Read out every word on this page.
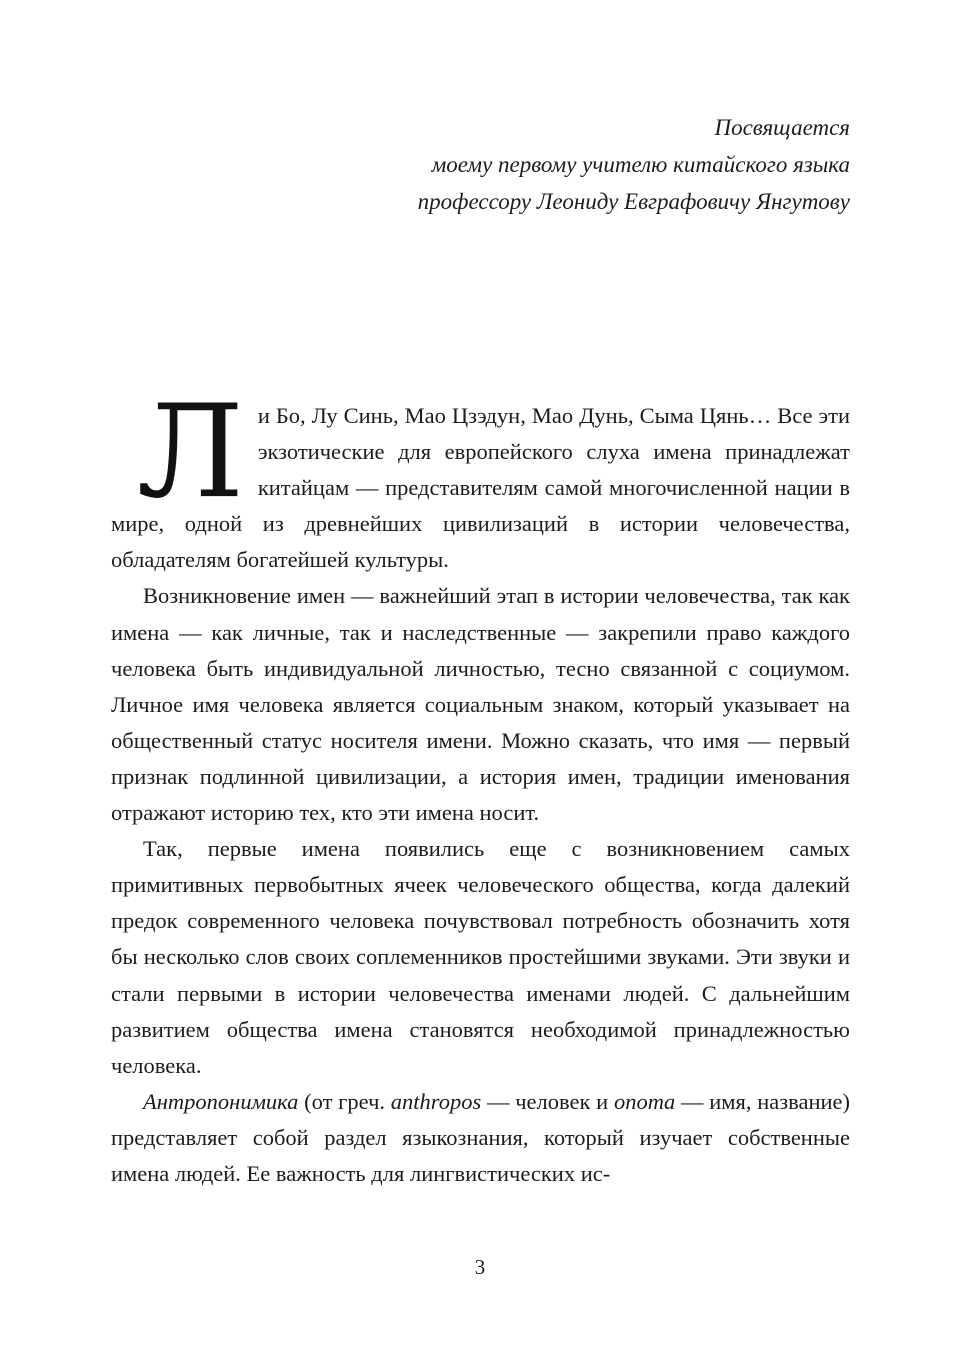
Посвящается
моему первому учителю китайского языка
профессору Леониду Евграфовичу Янгутову

Ли Бо, Лу Синь, Мао Цзэдун, Мао Дунь, Сыма Цянь… Все эти экзотические для европейского слуха имена принадлежат китайцам — представителям самой многочисленной нации в мире, одной из древнейших цивилизаций в истории человечества, обладателям богатейшей культуры.

Возникновение имен — важнейший этап в истории человечества, так как имена — как личные, так и наследственные — закрепили право каждого человека быть индивидуальной личностью, тесно связанной с социумом. Личное имя человека является социальным знаком, который указывает на общественный статус носителя имени. Можно сказать, что имя — первый признак подлинной цивилизации, а история имен, традиции именования отражают историю тех, кто эти имена носит.

Так, первые имена появились еще с возникновением самых примитивных первобытных ячеек человеческого общества, когда далекий предок современного человека почувствовал потребность обозначить хотя бы несколько слов своих соплеменников простейшими звуками. Эти звуки и стали первыми в истории человечества именами людей. С дальнейшим развитием общества имена становятся необходимой принадлежностью человека.

Антропонимика (от греч. anthropos — человек и onoma — имя, название) представляет собой раздел языкознания, который изучает собственные имена людей. Ее важность для лингвистических ис-

3
